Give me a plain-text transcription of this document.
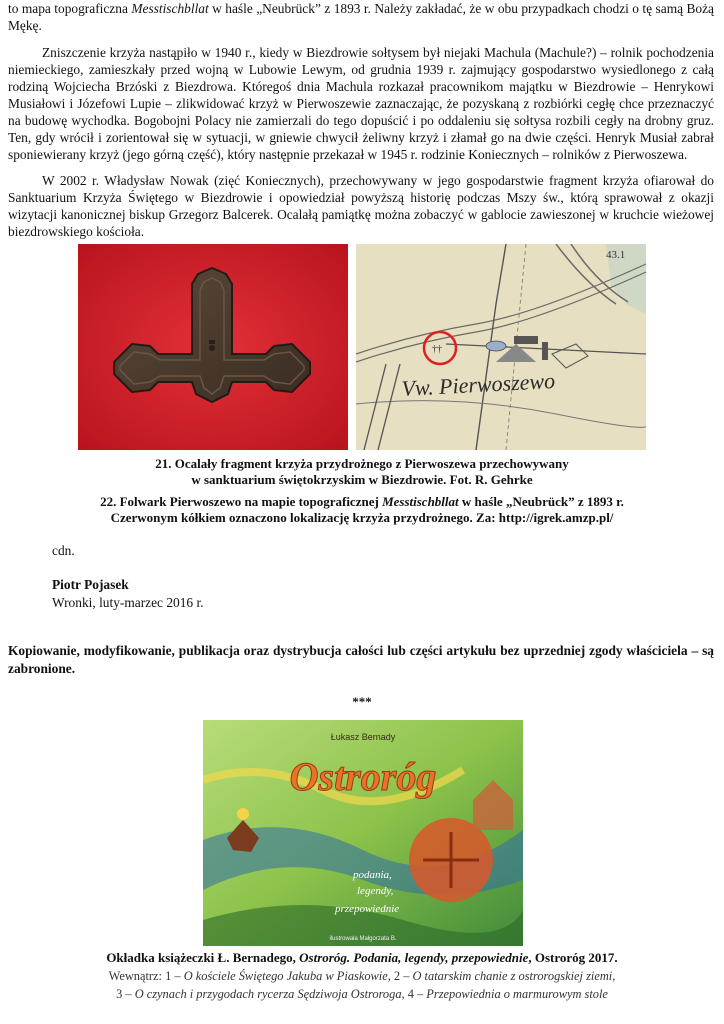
to mapa topograficzna Messtischbllat w haśle „Neubrück” z 1893 r. Należy zakładać, że w obu przypadkach chodzi o tę samą Bożą Mękę.

Zniszczenie krzyża nastąpiło w 1940 r., kiedy w Biezdrowie sołtysem był niejaki Machula (Machule?) – rolnik pochodzenia niemieckiego, zamieszkały przed wojną w Lubowie Lewym, od grudnia 1939 r. zajmujący gospodarstwo wysiedlonego z całą rodziną Wojciecha Brzóski z Biezdrowa. Któregoś dnia Machula rozkazał pracownikom majątku w Biezdrowie – Henrykowi Musiałowi i Józefowi Lupie – zlikwidować krzyż w Pierwoszewie zaznaczając, że pozyskaną z rozbiórki cegłę chce przeznaczyć na budowę wychodka. Bogobojni Polacy nie zamierzali do tego dopuścić i po oddaleniu się sołtysa rozbili cegły na drobny gruz. Ten, gdy wrócił i zorientował się w sytuacji, w gniewie chwycił żeliwny krzyż i złamał go na dwie części. Henryk Musiał zabrał sponiewierany krzyż (jego górną część), który następnie przekazał w 1945 r. rodzinie Koniecznych – rolników z Pierwoszewa.

W 2002 r. Władysław Nowak (zięć Koniecznych), przechowywany w jego gospodarstwie fragment krzyża ofiarował do Sanktuarium Krzyża Świętego w Biezdrowie i opowiedział powyższą historię podczas Mszy św., którą sprawował z okazji wizytacji kanonicznej biskup Grzegorz Balcerek. Ocalałą pamiątkę można zobaczyć w gablocie zawieszonej w kruchcie wieżowej biezdrowskiego kościoła.

††
43.1
Vw. Pierwoszewo
21. Ocalały fragment krzyża przydrożnego z Pierwoszewa przechowywany
w sanktuarium świętokrzyskim w Biezdrowie. Fot. R. Gehrke
22. Folwark Pierwoszewo na mapie topograficznej Messtischbllat w haśle „Neubrück” z 1893 r.
Czerwonym kółkiem oznaczono lokalizację krzyża przydrożnego. Za: http://igrek.amzp.pl/
cdn.
Piotr Pojasek
Wronki, luty-marzec 2016 r.
Kopiowanie, modyfikowanie, publikacja oraz dystrybucja całości lub części artykułu bez uprzedniej zgody właściciela – są zabronione.
***
Łukasz Bernady
Ostroróg
podania,
legendy,
przepowiednie
ilustrowała Małgorzata B.
Okładka książeczki Ł. Bernadego, Ostroróg. Podania, legendy, przepowiednie, Ostroróg 2017.
Wewnątrz: 1 – O kościele Świętego Jakuba w Piaskowie, 2 – O tatarskim chanie z ostrorogskiej ziemi,
3 – O czynach i przygodach rycerza Sędziwoja Ostroroga, 4 – Przepowiednia o marmurowym stole
